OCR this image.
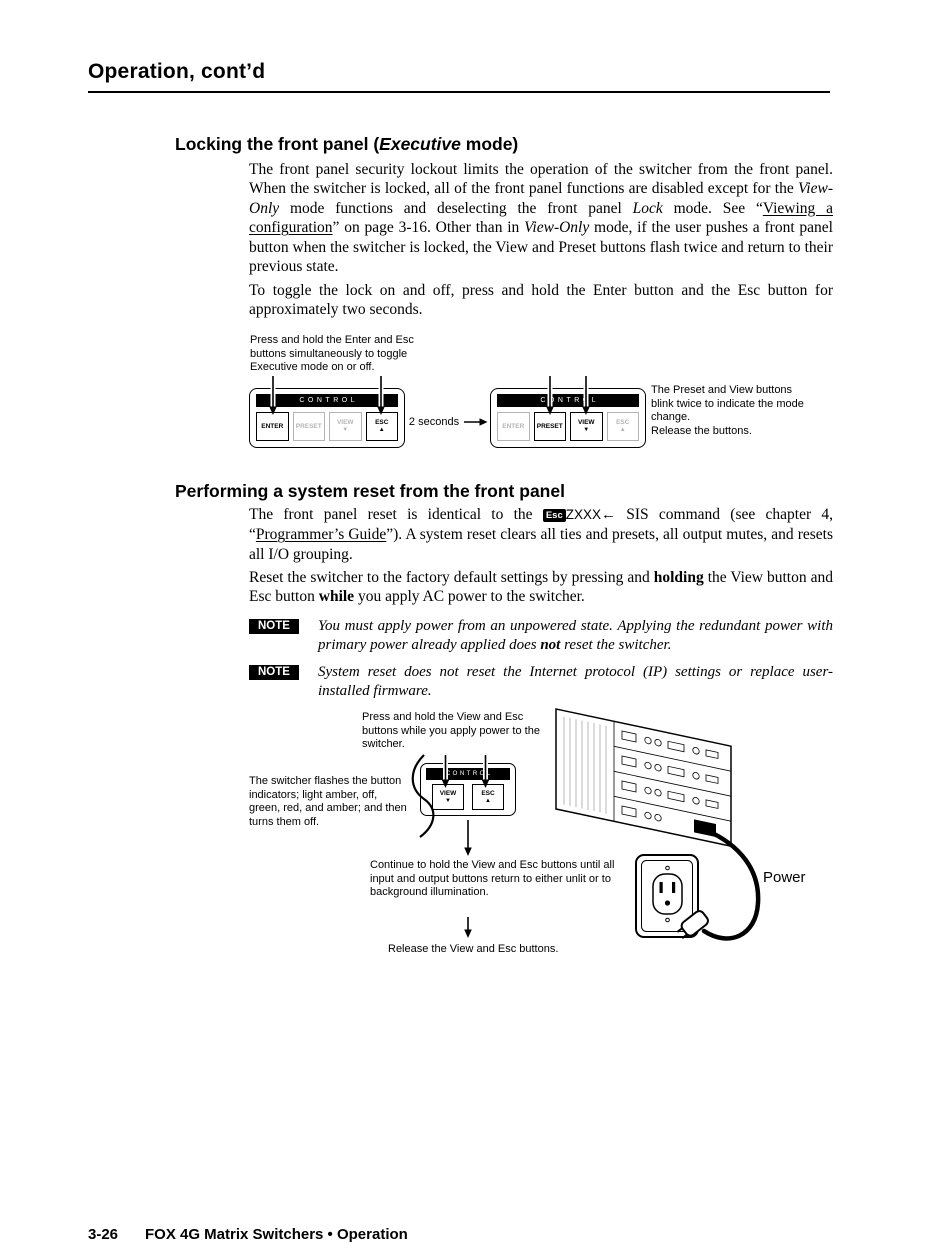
Operation, cont’d
Locking the front panel (Executive mode)
The front panel security lockout limits the operation of the switcher from the front panel. When the switcher is locked, all of the front panel functions are disabled except for the View-Only mode functions and deselecting the front panel Lock mode. See “Viewing a configuration” on page 3-16. Other than in View-Only mode, if the user pushes a front panel button when the switcher is locked, the View and Preset buttons flash twice and return to their previous state.
To toggle the lock on and off, press and hold the Enter button and the Esc button for approximately two seconds.
Press and hold the Enter and Esc buttons simultaneously to toggle Executive mode on or off.
CONTROL
ENTER PRESET
VIEW
▼
ESC
▲
2 seconds
CONTROL
ENTER PRESET
VIEW
▼
ESC
▲
The Preset and View buttons blink twice to indicate the mode change.
Release the buttons.
Performing a system reset from the front panel
The front panel reset is identical to the Esc ZXXX← SIS command (see chapter 4, “Programmer’s Guide”). A system reset clears all ties and presets, all output mutes, and resets all I/O grouping.
Reset the switcher to the factory default settings by pressing and holding the View button and Esc button while you apply AC power to the switcher.
NOTE	You must apply power from an unpowered state. Applying the redundant power with primary power already applied does not reset the switcher.
NOTE	System reset does not reset the Internet protocol (IP) settings or replace user-installed firmware.
CONTROL
VIEW
▼
ESC
▲
Press and hold the View and Esc buttons while you apply power to the switcher.
The switcher flashes the button indicators; light amber, off, green, red, and amber; and then turns them off.
Continue to hold the View and Esc buttons until all input and output buttons return to either unlit or to background illumination.
Release the View and Esc buttons.
Power
3-26 FOX 4G Matrix Switchers • Operation
